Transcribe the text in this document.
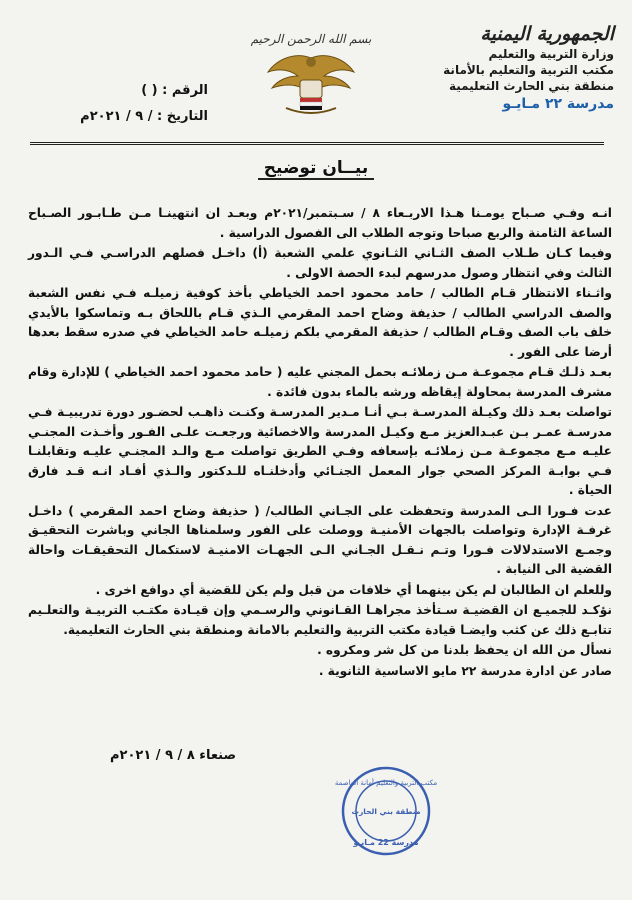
الجمهورية اليمنية
وزارة التربية والتعليم
مكتب التربية والتعليم بالأمانة
منطقة بني الحارث التعليمية
مدرسة ٢٢ مـايـو
بسم الله الرحمن الرحيم
الرقم : ( )
التاريخ : / ٩ / ٢٠٢١م
بيــان توضيح

انـه وفـي صـباح يومـنا هـذا الاربـعاء ٨ / سـبتمبر/٢٠٢١م وبعـد ان انتهينـا مـن طـابـور الصـباح الساعة الثامنة والربع صباحا وتوجه الطلاب الى الفصول الدراسية .

وفيما كـان طـلاب الصف الثـاني الثـانوي علمي الشعبة (أ) داخـل فصلهم الدراسـي فـي الـدور الثالث وفي انتظار وصول مدرسهم لبدء الحصة الاولى .

واثـناء الانتظار قـام الطالب / حامد محمود احمد الخياطي بأخذ كوفية زميلـه فـي نفس الشعبة والصف الدراسي الطالب / حذيفة وضاح احمد المقرمي الـذي قـام باللحاق بـه وتماسكوا بالأيدي خلف باب الصف وقـام الطالب / حذيفة المقرمي بلكم زميلـه حامد الخياطي في صدره سقط بعدها أرضا على الفور .

بعـد ذلـك قـام مجموعـة مـن زملائـه بحمل المجني عليه ( حامد محمود احمد الخياطي ) للإدارة وقام مشرف المدرسة بمحاولة إيقاظه ورشه بالماء بدون فائدة .

تواصلت بعـد ذلك وكيـلة المدرسـة بـي أنـا مـدير المدرسـة وكنـت ذاهـب لحضـور دورة تدريبيـة فـي مدرسـة عمـر بـن عبـدالعزيز مـع وكيـل المدرسة والاخصائية ورجعـت علـى الفـور وأخـذت المجنـي عليـه مـع مجموعـة مـن زملائـه بإسعافه وفـي الطريق تواصلت مـع والـد المجنـي عليـه وتقابلنـا فـي بوابـة المركز الصحي جوار المعمل الجنـائي وأدخلنـاه للـدكتور والـذي أفـاد انـه قـد فارق الحياة .

عدت فـورا الـى المدرسة وتحفظت على الجـاني الطالب/ ( حذيفة وضاح احمد المقرمي ) داخـل غرفـة الإدارة وتواصلت بالجهات الأمنيـة ووصلت على الفور وسلمناها الجاني وباشرت التحقيـق وجمـع الاستدلالات فـورا وتـم نـقـل الجـاني الـى الجهـات الامنيـة لاستكمال التحقيقـات واحالة القضية الى النيابة .

وللعلم ان الطالبان لم يكن بينهما أي خلافات من قبل ولم يكن للقضية أي دوافع اخرى .

نؤكـد للجميـع ان القضيـة سـتأخذ مجراهـا القـانوني والرسـمي وإن قيـادة مكتـب التربيـة والتعلـيم تتابـع ذلك عن كثب وايضـا قيادة مكتب التربية والتعليم بالامانة ومنطقة بني الحارث التعليمية.

نسأل من الله ان يحفظ بلدنا من كل شر ومكروه .

صادر عن ادارة مدرسة ٢٢ مايو الاساسية الثانوية .

صنعاء ٨ / ٩ / ٢٠٢١م
مكتب التربية والتعليم أمانة العاصمة
منطقة بني الحارث
مدرسة 22 مـايـو
